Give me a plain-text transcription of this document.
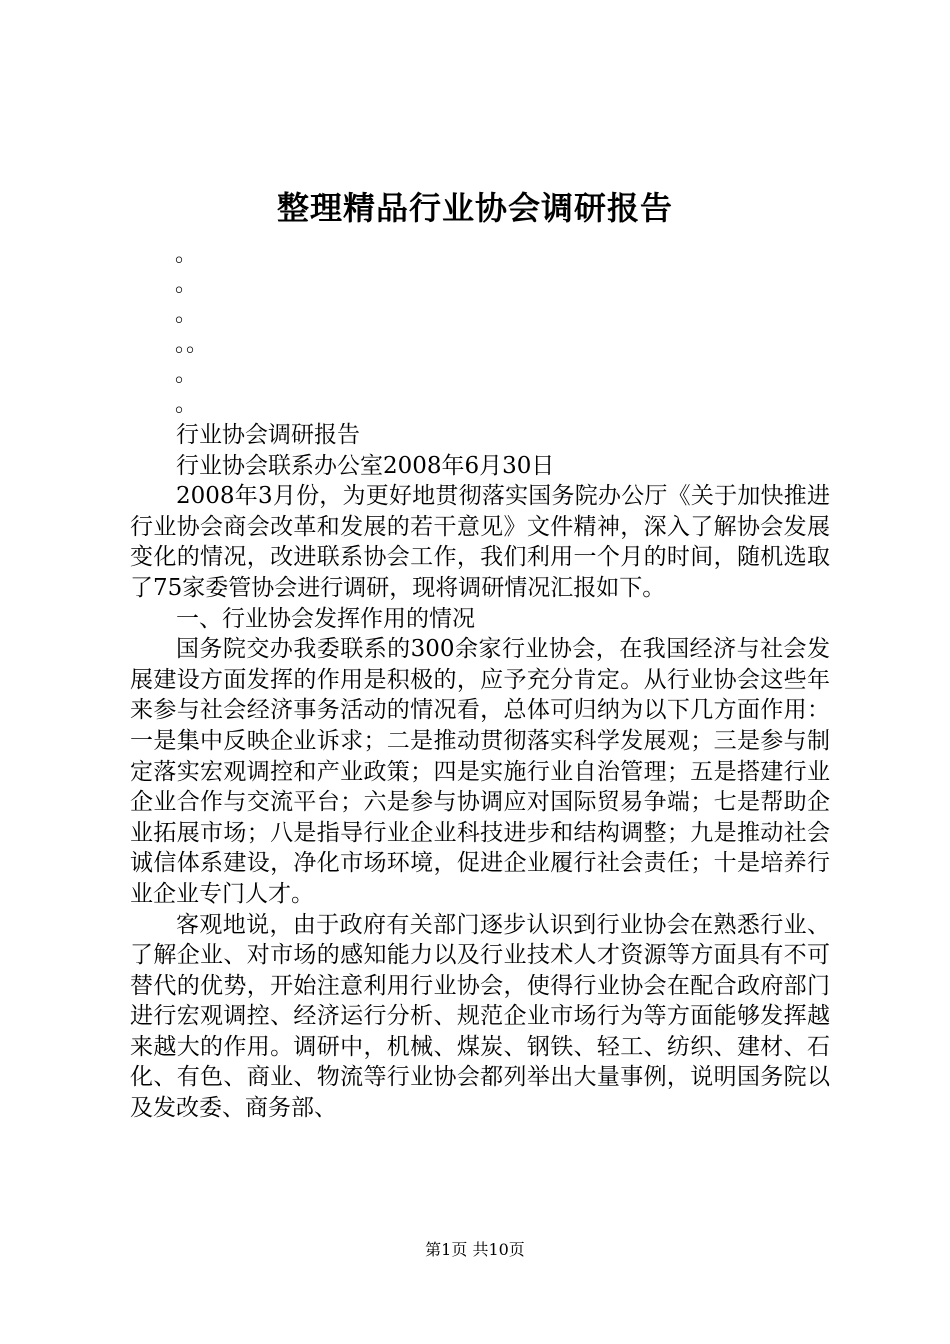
整理精品行业协会调研报告
。
。
。
。。
。
。

行业协会调研报告

行业协会联系办公室2008年6月30日

2008年3月份，为更好地贯彻落实国务院办公厅《关于加快推进行业协会商会改革和发展的若干意见》文件精神，深入了解协会发展变化的情况，改进联系协会工作，我们利用一个月的时间，随机选取了75家委管协会进行调研，现将调研情况汇报如下。

一、行业协会发挥作用的情况

国务院交办我委联系的300余家行业协会，在我国经济与社会发展建设方面发挥的作用是积极的，应予充分肯定。从行业协会这些年来参与社会经济事务活动的情况看，总体可归纳为以下几方面作用：一是集中反映企业诉求；二是推动贯彻落实科学发展观；三是参与制定落实宏观调控和产业政策；四是实施行业自治管理；五是搭建行业企业合作与交流平台；六是参与协调应对国际贸易争端；七是帮助企业拓展市场；八是指导行业企业科技进步和结构调整；九是推动社会诚信体系建设，净化市场环境，促进企业履行社会责任；十是培养行业企业专门人才。

客观地说，由于政府有关部门逐步认识到行业协会在熟悉行业、了解企业、对市场的感知能力以及行业技术人才资源等方面具有不可替代的优势，开始注意利用行业协会，使得行业协会在配合政府部门进行宏观调控、经济运行分析、规范企业市场行为等方面能够发挥越来越大的作用。调研中，机械、煤炭、钢铁、轻工、纺织、建材、石化、有色、商业、物流等行业协会都列举出大量事例，说明国务院以及发改委、商务部、

第1页 共10页
